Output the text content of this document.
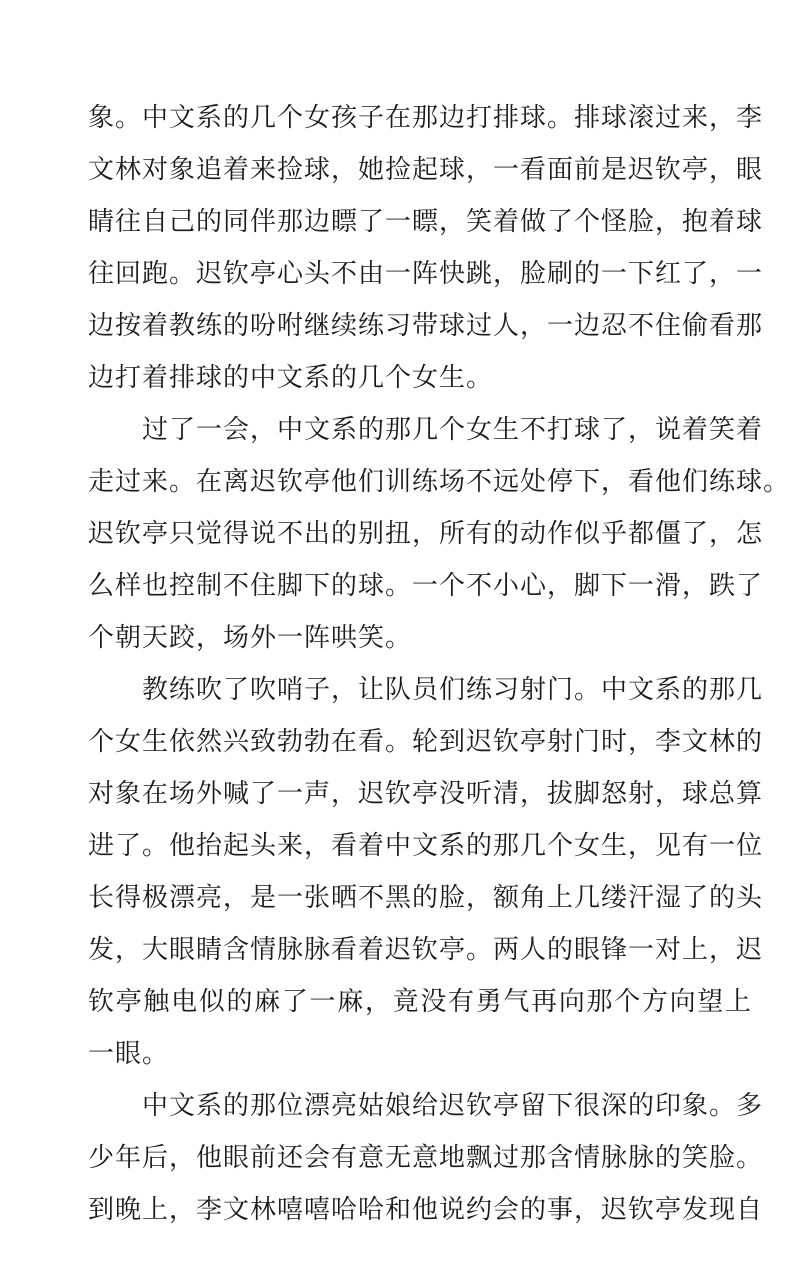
象。中文系的几个女孩子在那边打排球。排球滚过来，李
文林对象追着来捡球，她捡起球，一看面前是迟钦亭，眼
睛往自己的同伴那边瞟了一瞟，笑着做了个怪脸，抱着球
往回跑。迟钦亭心头不由一阵快跳，脸刷的一下红了，一
边按着教练的吩咐继续练习带球过人，一边忍不住偷看那
边打着排球的中文系的几个女生。
过了一会，中文系的那几个女生不打球了，说着笑着
走过来。在离迟钦亭他们训练场不远处停下，看他们练球。
迟钦亭只觉得说不出的别扭，所有的动作似乎都僵了，怎
么样也控制不住脚下的球。一个不小心，脚下一滑，跌了
个朝天跤，场外一阵哄笑。
教练吹了吹哨子，让队员们练习射门。中文系的那几
个女生依然兴致勃勃在看。轮到迟钦亭射门时，李文林的
对象在场外喊了一声，迟钦亭没听清，拔脚怒射，球总算
进了。他抬起头来，看着中文系的那几个女生，见有一位
长得极漂亮，是一张晒不黑的脸，额角上几缕汗湿了的头
发，大眼睛含情脉脉看着迟钦亭。两人的眼锋一对上，迟
钦亭触电似的麻了一麻，竟没有勇气再向那个方向望上
一眼。
中文系的那位漂亮姑娘给迟钦亭留下很深的印象。多
少年后，他眼前还会有意无意地飘过那含情脉脉的笑脸。
到晚上，李文林嘻嘻哈哈和他说约会的事，迟钦亭发现自
